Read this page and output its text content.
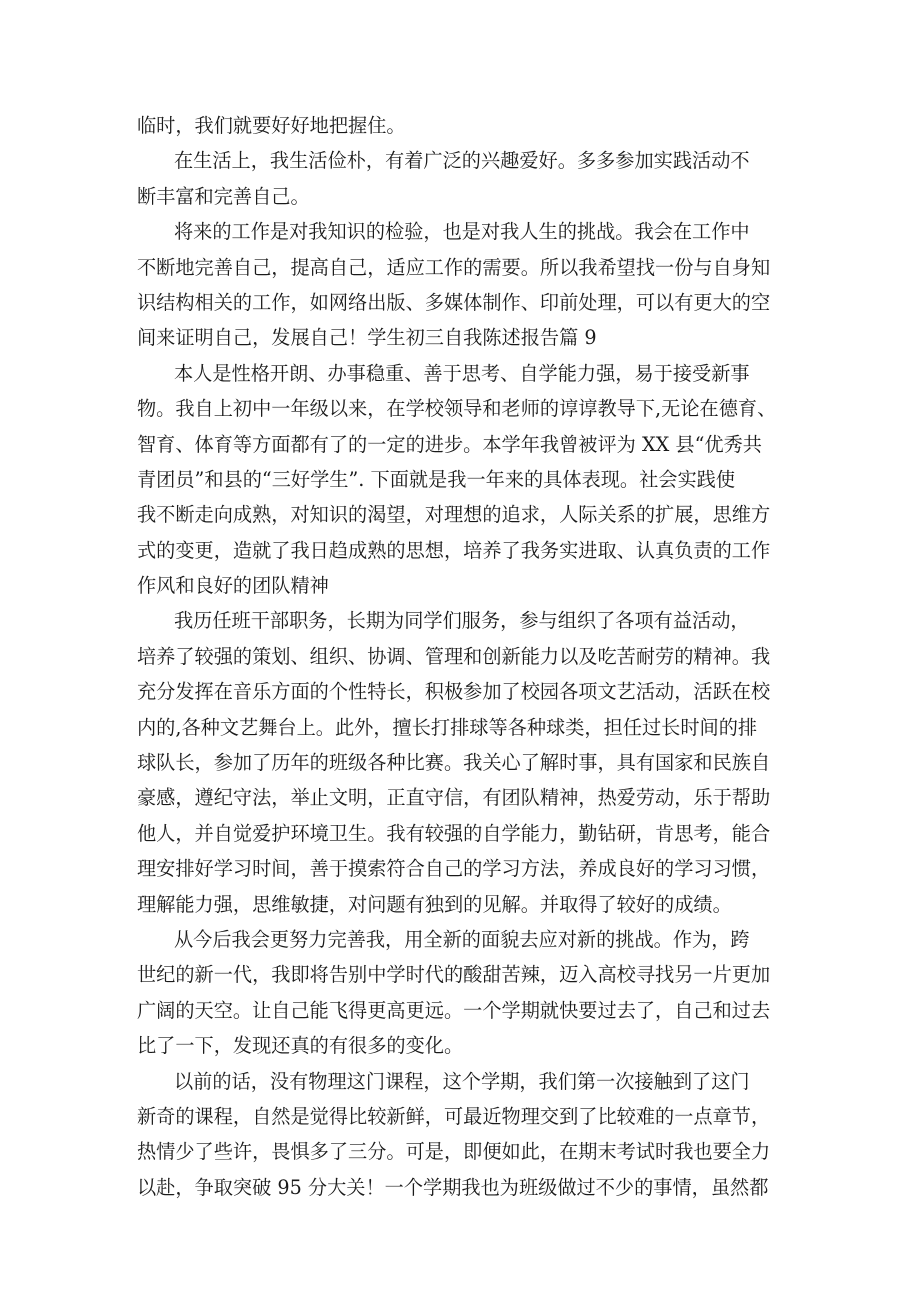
临时，我们就要好好地把握住。
在生活上，我生活俭朴，有着广泛的兴趣爱好。多多参加实践活动不
断丰富和完善自己。
将来的工作是对我知识的检验，也是对我人生的挑战。我会在工作中
不断地完善自己，提高自己，适应工作的需要。所以我希望找一份与自身知
识结构相关的工作，如网络出版、多媒体制作、印前处理，可以有更大的空
间来证明自己，发展自己！学生初三自我陈述报告篇 9
本人是性格开朗、办事稳重、善于思考、自学能力强，易于接受新事
物。我自上初中一年级以来，在学校领导和老师的谆谆教导下,无论在德育、
智育、体育等方面都有了的一定的进步。本学年我曾被评为 XX 县“优秀共
青团员”和县的“三好学生”. 下面就是我一年来的具体表现。社会实践使
我不断走向成熟，对知识的渴望，对理想的追求，人际关系的扩展，思维方
式的变更，造就了我日趋成熟的思想，培养了我务实进取、认真负责的工作
作风和良好的团队精神
我历任班干部职务，长期为同学们服务，参与组织了各项有益活动，
培养了较强的策划、组织、协调、管理和创新能力以及吃苦耐劳的精神。我
充分发挥在音乐方面的个性特长，积极参加了校园各项文艺活动，活跃在校
内的,各种文艺舞台上。此外，擅长打排球等各种球类，担任过长时间的排
球队长，参加了历年的班级各种比赛。我关心了解时事，具有国家和民族自
豪感，遵纪守法，举止文明，正直守信，有团队精神，热爱劳动，乐于帮助
他人，并自觉爱护环境卫生。我有较强的自学能力，勤钻研，肯思考，能合
理安排好学习时间，善于摸索符合自己的学习方法，养成良好的学习习惯，
理解能力强，思维敏捷，对问题有独到的见解。并取得了较好的成绩。
从今后我会更努力完善我，用全新的面貌去应对新的挑战。作为，跨
世纪的新一代，我即将告别中学时代的酸甜苦辣，迈入高校寻找另一片更加
广阔的天空。让自己能飞得更高更远。一个学期就快要过去了，自己和过去
比了一下，发现还真的有很多的变化。
以前的话，没有物理这门课程，这个学期，我们第一次接触到了这门
新奇的课程，自然是觉得比较新鲜，可最近物理交到了比较难的一点章节，
热情少了些许，畏惧多了三分。可是，即便如此，在期末考试时我也要全力
以赴，争取突破 95 分大关！一个学期我也为班级做过不少的事情，虽然都
